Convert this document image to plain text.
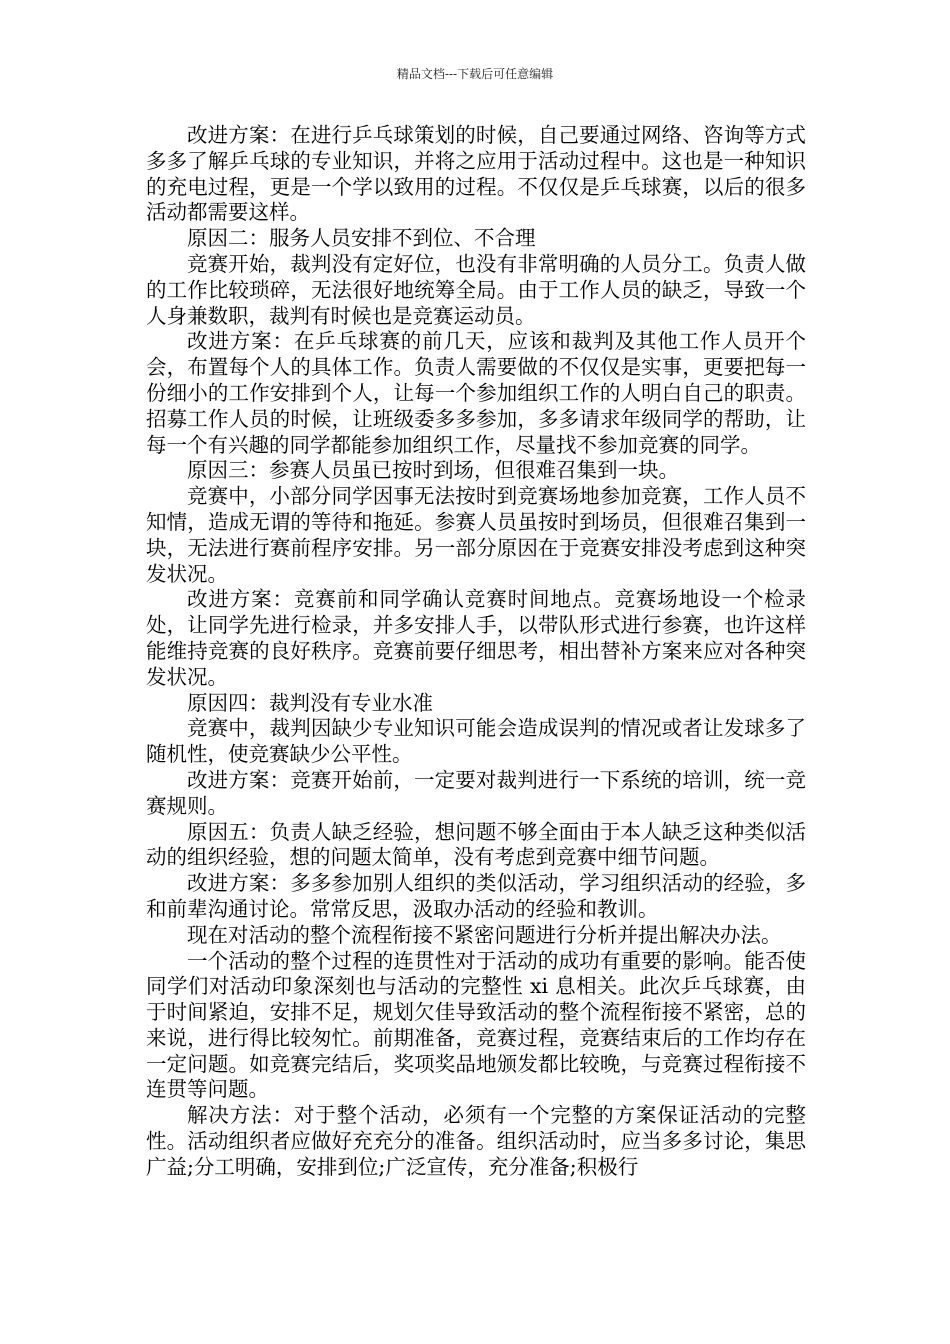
精品文档---下载后可任意编辑

改进方案：在进行乒乓球策划的时候，自己要通过网络、咨询等方式多多了解乒乓球的专业知识，并将之应用于活动过程中。这也是一种知识的充电过程，更是一个学以致用的过程。不仅仅是乒乓球赛，以后的很多活动都需要这样。

原因二：服务人员安排不到位、不合理

竞赛开始，裁判没有定好位，也没有非常明确的人员分工。负责人做的工作比较琐碎，无法很好地统筹全局。由于工作人员的缺乏，导致一个人身兼数职，裁判有时候也是竞赛运动员。

改进方案：在乒乓球赛的前几天，应该和裁判及其他工作人员开个会，布置每个人的具体工作。负责人需要做的不仅仅是实事，更要把每一份细小的工作安排到个人，让每一个参加组织工作的人明白自己的职责。招募工作人员的时候，让班级委多多参加，多多请求年级同学的帮助，让每一个有兴趣的同学都能参加组织工作，尽量找不参加竞赛的同学。

原因三：参赛人员虽已按时到场，但很难召集到一块。

竞赛中，小部分同学因事无法按时到竞赛场地参加竞赛，工作人员不知情，造成无谓的等待和拖延。参赛人员虽按时到场员，但很难召集到一块，无法进行赛前程序安排。另一部分原因在于竞赛安排没考虑到这种突发状况。

改进方案：竞赛前和同学确认竞赛时间地点。竞赛场地设一个检录处，让同学先进行检录，并多安排人手，以带队形式进行参赛，也许这样能维持竞赛的良好秩序。竞赛前要仔细思考，相出替补方案来应对各种突发状况。

原因四：裁判没有专业水准

竞赛中，裁判因缺少专业知识可能会造成误判的情况或者让发球多了随机性，使竞赛缺少公平性。

改进方案：竞赛开始前，一定要对裁判进行一下系统的培训，统一竞赛规则。

原因五：负责人缺乏经验，想问题不够全面由于本人缺乏这种类似活动的组织经验，想的问题太简单，没有考虑到竞赛中细节问题。

改进方案：多多参加别人组织的类似活动，学习组织活动的经验，多和前辈沟通讨论。常常反思，汲取办活动的经验和教训。

现在对活动的整个流程衔接不紧密问题进行分析并提出解决办法。

一个活动的整个过程的连贯性对于活动的成功有重要的影响。能否使同学们对活动印象深刻也与活动的完整性 xi 息相关。此次乒乓球赛，由于时间紧迫，安排不足，规划欠佳导致活动的整个流程衔接不紧密，总的来说，进行得比较匆忙。前期准备，竞赛过程，竞赛结束后的工作均存在一定问题。如竞赛完结后，奖项奖品地颁发都比较晚，与竞赛过程衔接不连贯等问题。

解决方法：对于整个活动，必须有一个完整的方案保证活动的完整性。活动组织者应做好充充分的准备。组织活动时，应当多多讨论，集思广益;分工明确，安排到位;广泛宣传，充分准备;积极行
